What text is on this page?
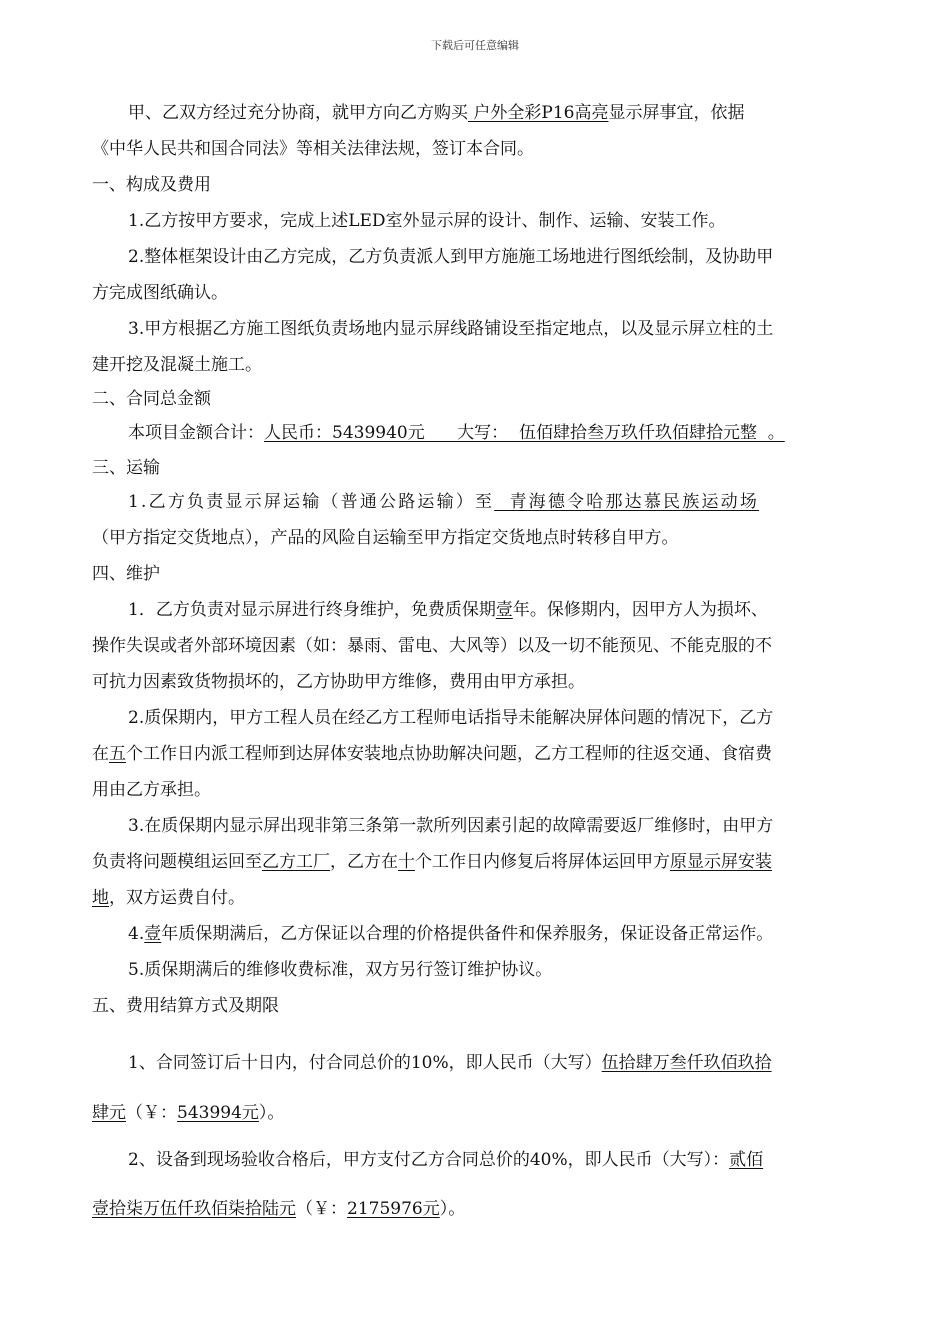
下载后可任意编辑
甲、乙双方经过充分协商，就甲方向乙方购买 户外全彩P16高亮显示屏事宜，依据
《中华人民共和国合同法》等相关法律法规，签订本合同。
一、构成及费用
1.乙方按甲方要求，完成上述LED室外显示屏的设计、制作、运输、安装工作。
2.整体框架设计由乙方完成，乙方负责派人到甲方施施工场地进行图纸绘制，及协助甲
方完成图纸确认。
3.甲方根据乙方施工图纸负责场地内显示屏线路铺设至指定地点，以及显示屏立柱的土
建开挖及混凝土施工。
二、合同总金额
本项目金额合计：人民币：5439940元      大写：  伍佰肆拾叁万玖仟玖佰肆拾元整  。
三、运输
1.乙方负责显示屏运输（普通公路运输）至  青海德令哈那达慕民族运动场
（甲方指定交货地点），产品的风险自运输至甲方指定交货地点时转移自甲方。
四、维护
1．乙方负责对显示屏进行终身维护，免费质保期壹年。保修期内，因甲方人为损坏、
操作失误或者外部环境因素（如：暴雨、雷电、大风等）以及一切不能预见、不能克服的不
可抗力因素致货物损坏的，乙方协助甲方维修，费用由甲方承担。
2.质保期内，甲方工程人员在经乙方工程师电话指导未能解决屏体问题的情况下，乙方
在五个工作日内派工程师到达屏体安装地点协助解决问题，乙方工程师的往返交通、食宿费
用由乙方承担。
3.在质保期内显示屏出现非第三条第一款所列因素引起的故障需要返厂维修时，由甲方
负责将问题模组运回至乙方工厂，乙方在十个工作日内修复后将屏体运回甲方原显示屏安装
地，双方运费自付。
4.壹年质保期满后，乙方保证以合理的价格提供备件和保养服务，保证设备正常运作。
5.质保期满后的维修收费标准，双方另行签订维护协议。
五、费用结算方式及期限
1、合同签订后十日内，付合同总价的10%，即人民币（大写）伍拾肆万叁仟玖佰玖拾
肆元（￥：543994元）。
2、设备到现场验收合格后，甲方支付乙方合同总价的40%，即人民币（大写）：贰佰
壹拾柒万伍仟玖佰柒拾陆元（￥：2175976元）。
